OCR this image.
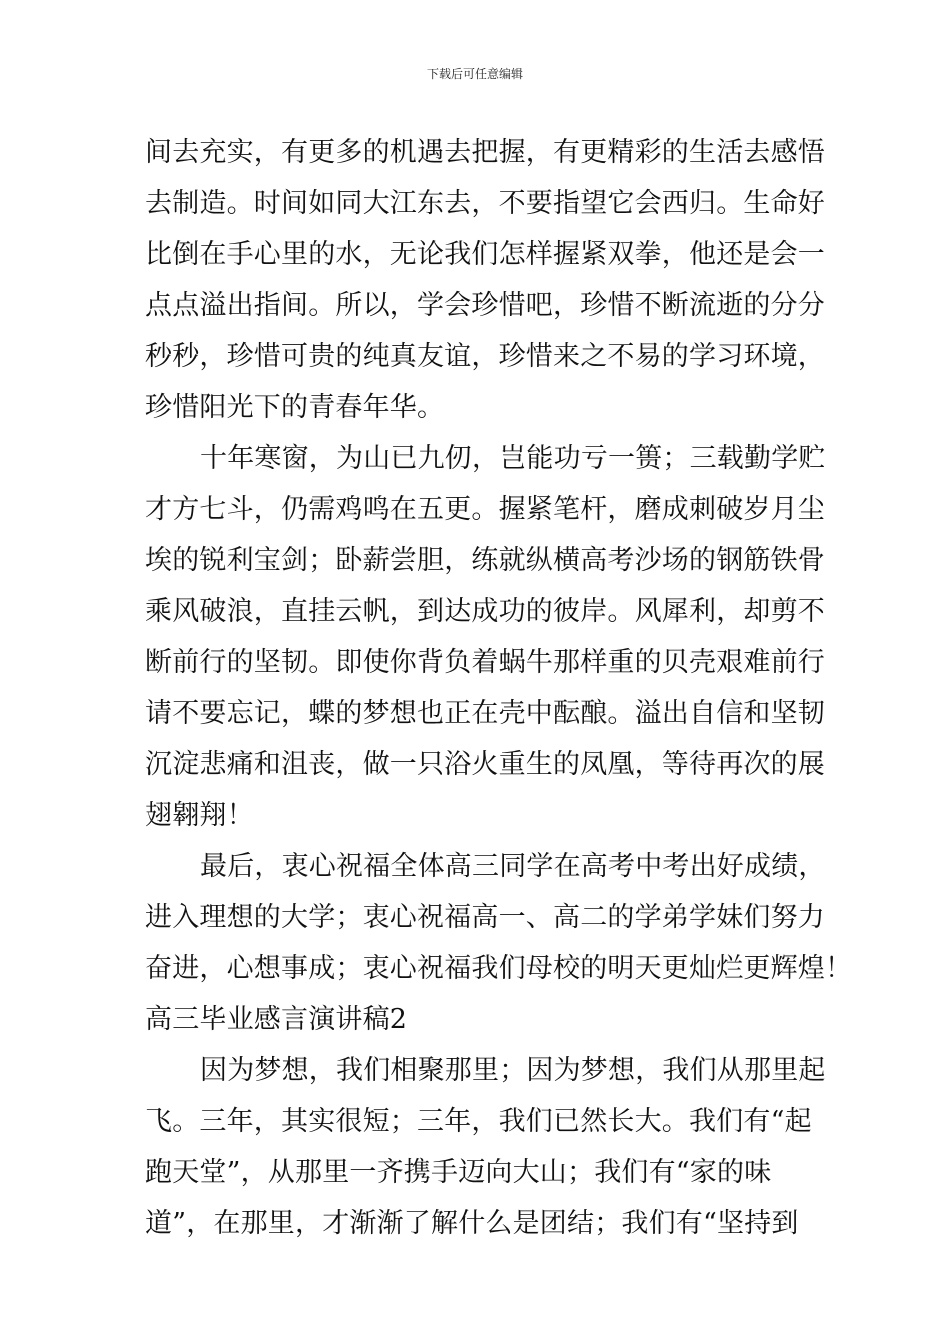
下载后可任意编辑
间去充实，有更多的机遇去把握，有更精彩的生活去感悟
去制造。时间如同大江东去，不要指望它会西归。生命好
比倒在手心里的水，无论我们怎样握紧双拳，他还是会一
点点溢出指间。所以，学会珍惜吧，珍惜不断流逝的分分
秒秒，珍惜可贵的纯真友谊，珍惜来之不易的学习环境，
珍惜阳光下的青春年华。
十年寒窗，为山已九仞，岂能功亏一篑；三载勤学贮
才方七斗，仍需鸡鸣在五更。握紧笔杆，磨成刺破岁月尘
埃的锐利宝剑；卧薪尝胆，练就纵横高考沙场的钢筋铁骨
乘风破浪，直挂云帆，到达成功的彼岸。风犀利，却剪不
断前行的坚韧。即使你背负着蜗牛那样重的贝壳艰难前行
请不要忘记，蝶的梦想也正在壳中酝酿。溢出自信和坚韧
沉淀悲痛和沮丧，做一只浴火重生的凤凰，等待再次的展
翅翱翔！
最后，衷心祝福全体高三同学在高考中考出好成绩，
进入理想的大学；衷心祝福高一、高二的学弟学妹们努力
奋进，心想事成；衷心祝福我们母校的明天更灿烂更辉煌！
高三毕业感言演讲稿2
因为梦想，我们相聚那里；因为梦想，我们从那里起
飞。三年，其实很短；三年，我们已然长大。我们有“起
跑天堂”，从那里一齐携手迈向大山；我们有“家的味
道”，在那里，才渐渐了解什么是团结；我们有“坚持到
